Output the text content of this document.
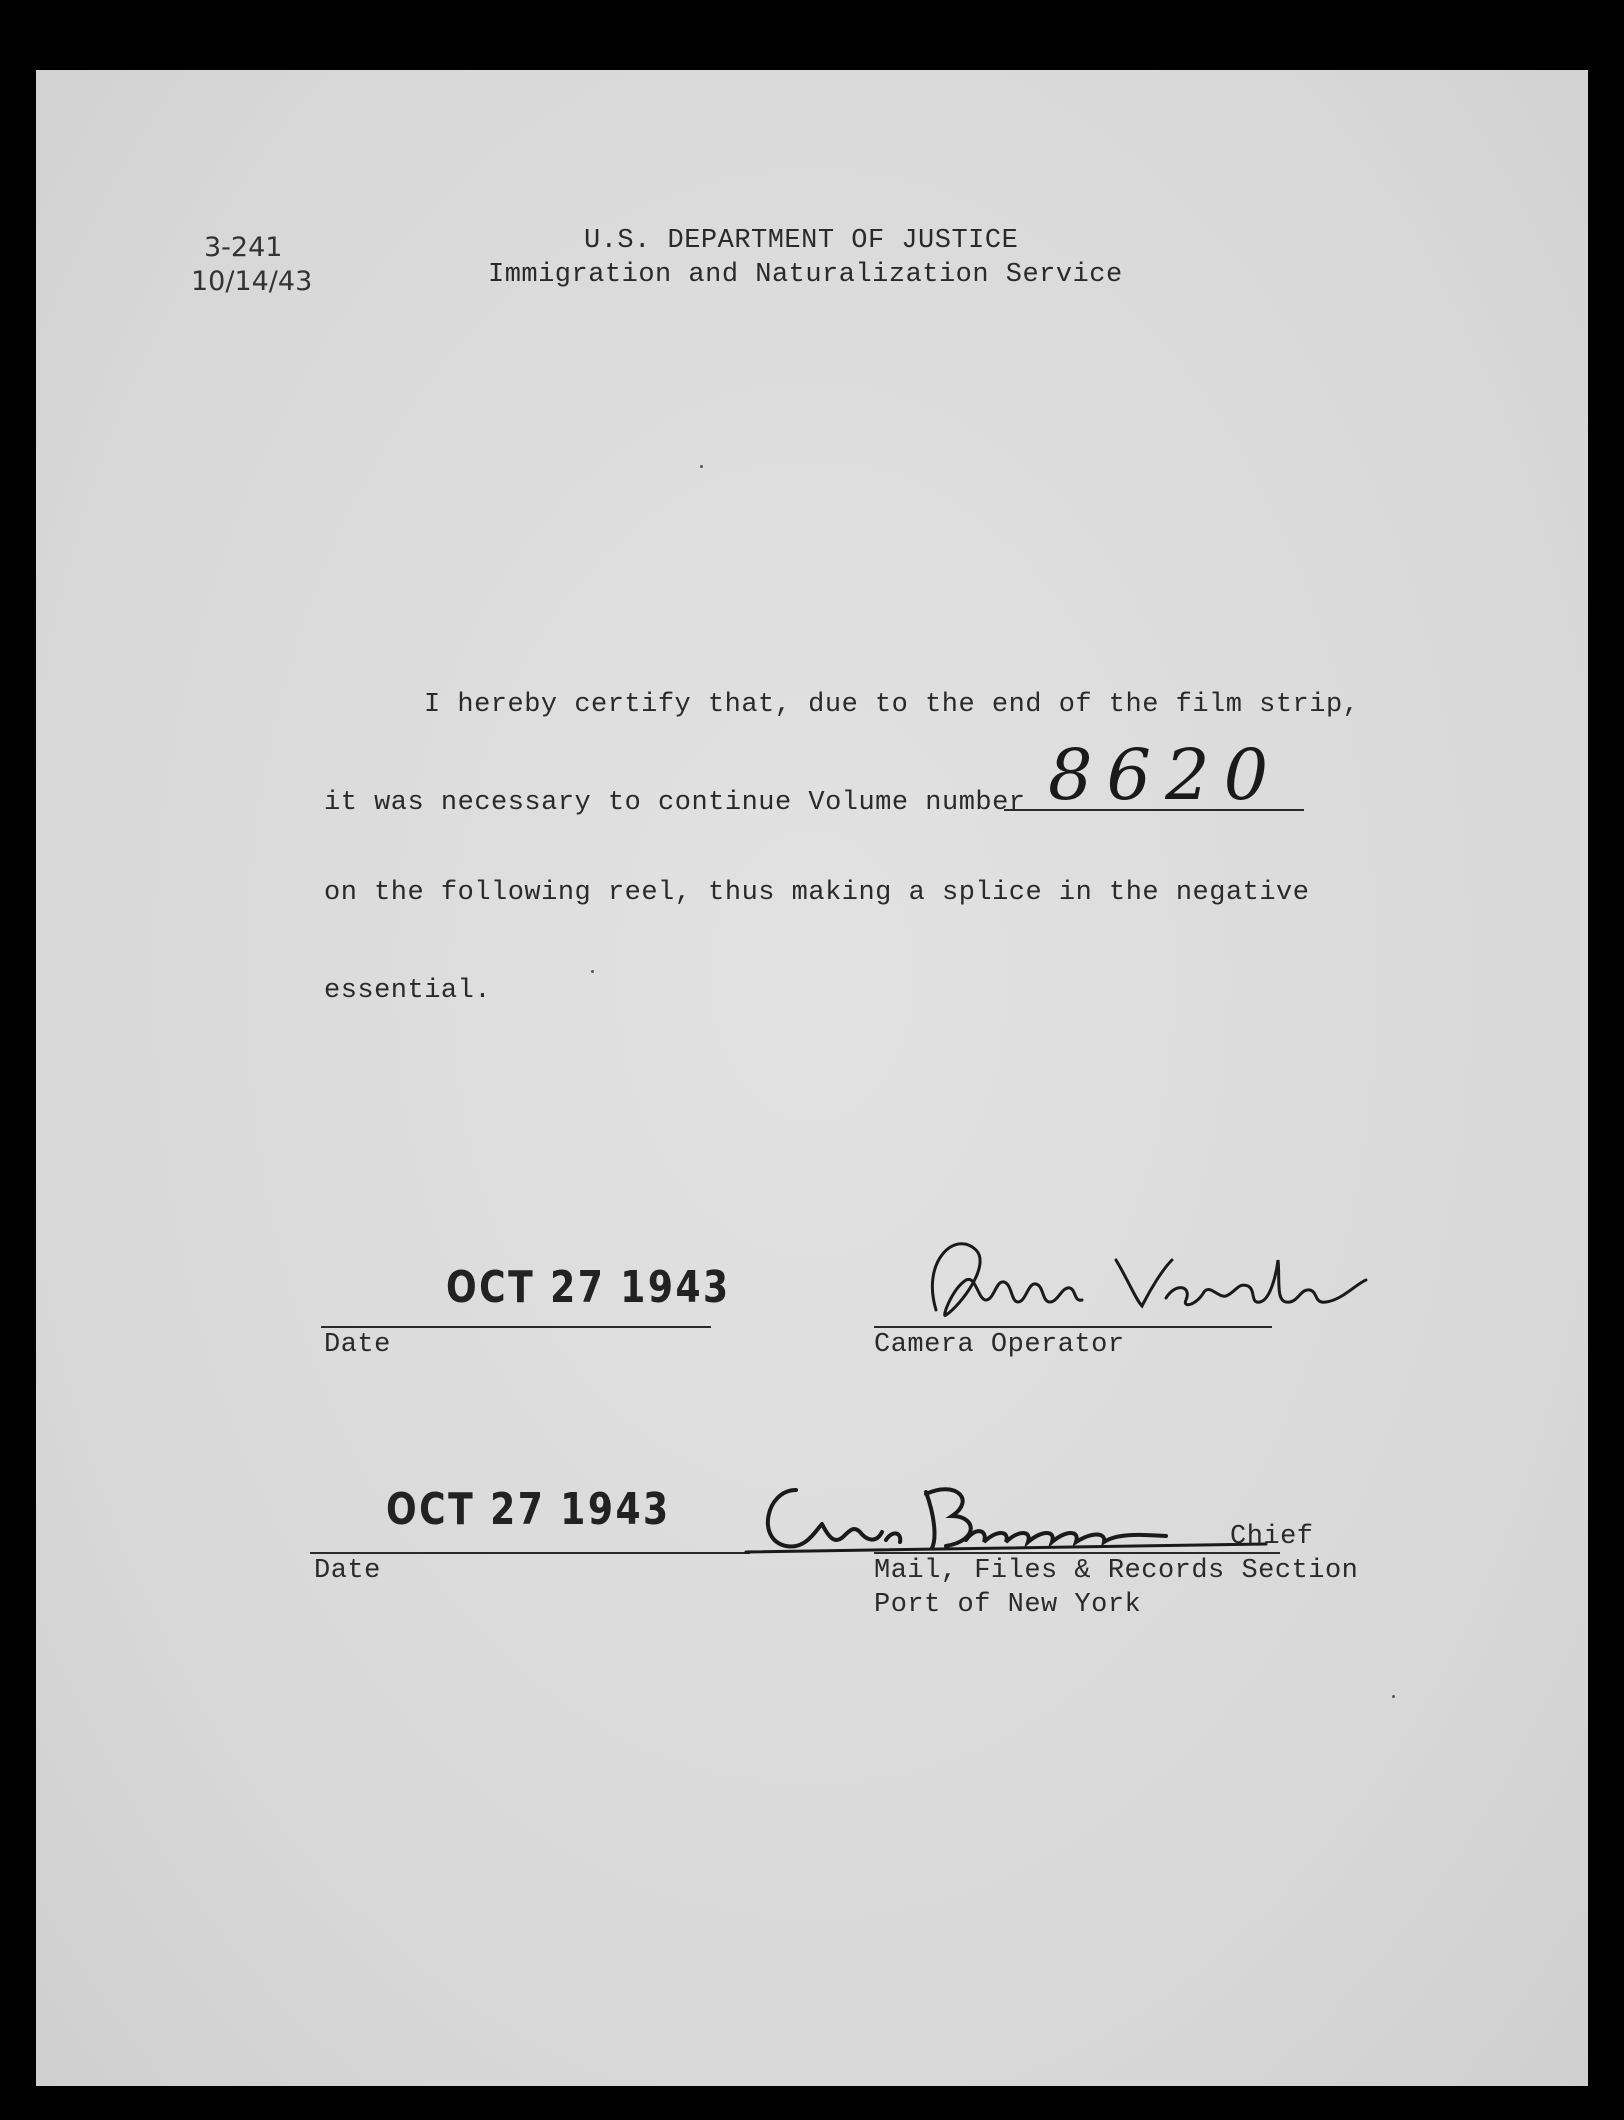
3-241
10/14/43
U.S. DEPARTMENT OF JUSTICE
Immigration and Naturalization Service
I hereby certify that, due to the end of the film strip,
it was necessary to continue Volume number 8620
on the following reel, thus making a splice in the negative
essential.
OCT 27 1943
Date	Camera Operator
OCT 27 1943
Date
Chief
Mail, Files & Records Section
Port of New York
